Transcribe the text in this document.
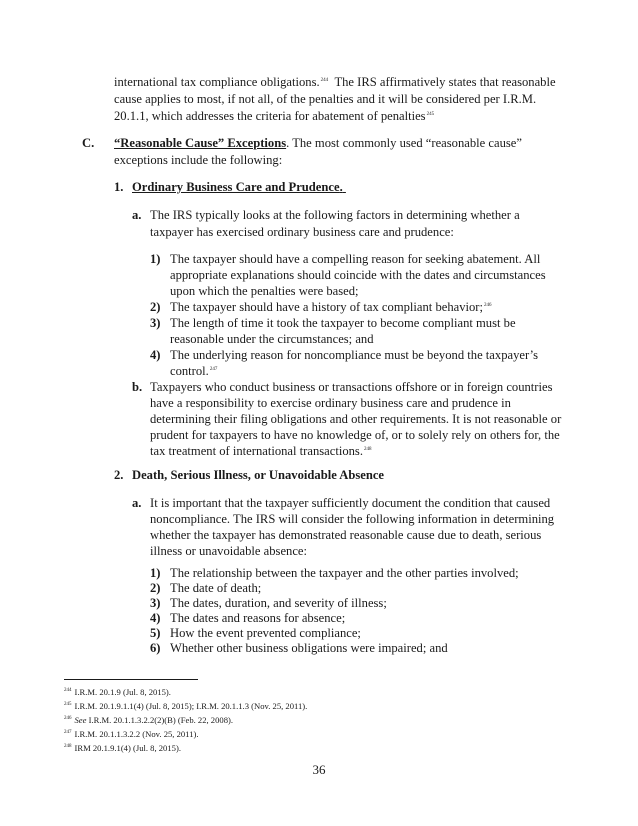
international tax compliance obligations.$^{244}$ The IRS affirmatively states that reasonable
cause applies to most, if not all, of the penalties and it will be considered per I.R.M.
20.1.1, which addresses the criteria for abatement of penalties$^{245}$
C. “Reasonable Cause” Exceptions. The most commonly used “reasonable cause”
exceptions include the following:
1. Ordinary Business Care and Prudence.
a. The IRS typically looks at the following factors in determining whether a
taxpayer has exercised ordinary business care and prudence:
1) The taxpayer should have a compelling reason for seeking abatement. All
appropriate explanations should coincide with the dates and circumstances
upon which the penalties were based;
2) The taxpayer should have a history of tax compliant behavior;$^{246}$
3) The length of time it took the taxpayer to become compliant must be
reasonable under the circumstances; and
4) The underlying reason for noncompliance must be beyond the taxpayer’s
control.$^{247}$
b. Taxpayers who conduct business or transactions offshore or in foreign countries
have a responsibility to exercise ordinary business care and prudence in
determining their filing obligations and other requirements. It is not reasonable or
prudent for taxpayers to have no knowledge of, or to solely rely on others for, the
tax treatment of international transactions.$^{248}$
2. Death, Serious Illness, or Unavoidable Absence
a. It is important that the taxpayer sufficiently document the condition that caused
noncompliance. The IRS will consider the following information in determining
whether the taxpayer has demonstrated reasonable cause due to death, serious
illness or unavoidable absence:
1) The relationship between the taxpayer and the other parties involved;
2) The date of death;
3) The dates, duration, and severity of illness;
4) The dates and reasons for absence;
5) How the event prevented compliance;
6) Whether other business obligations were impaired; and
$^{244}$ I.R.M. 20.1.9 (Jul. 8, 2015).
$^{245}$ I.R.M. 20.1.9.1.1(4) (Jul. 8, 2015); I.R.M. 20.1.1.3 (Nov. 25, 2011).
$^{246}$ See I.R.M. 20.1.1.3.2.2(2)(B) (Feb. 22, 2008).
$^{247}$ I.R.M. 20.1.1.3.2.2 (Nov. 25, 2011).
$^{248}$ IRM 20.1.9.1(4) (Jul. 8, 2015).
36
